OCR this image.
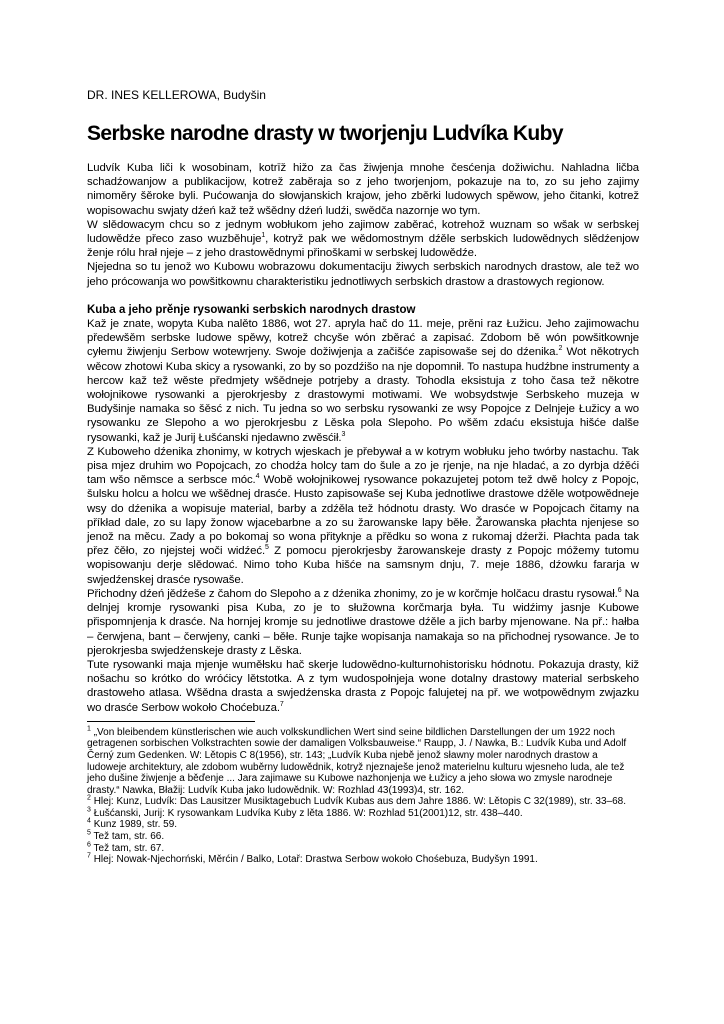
DR. INES KELLEROWA, Budyšin

Serbske narodne drasty w tworjenju Ludvíka Kuby

Ludvík Kuba liči k wosobinam, kotrīž hižo za čas žiwjenja mnohe česćenja dožiwichu. Nahladna ličba schadźowanjow a publikacijow, kotrež zaběraja so z jeho tworjenjom, pokazuje na to, zo su jeho zajimy nimoměry šěroke byli. Pućowanja do słowjanskich krajow, jeho zběrki ludowych spěwow, jeho čitanki, kotrež wopisowachu swjaty dźeń kaž tež wšědny dźeń ludźi, swědča nazornje wo tym.

W slědowacym chcu so z jednym wobłukom jeho zajimow zaběrać, kotrehož wuznam so wšak w serbskej ludowědźe přeco zaso wuzběhuje$^1$, kotryž pak we wědomostnym dźěle serbskich ludowědnych slědźenjow ženje rólu hrał njeje – z jeho drastowědnymi přinoškami w serbskej ludowědźe.

Njejedna so tu jenož wo Kubowu wobrazowu dokumentaciju žiwych serbskich narodnych drastow, ale tež wo jeho prócowanja wo powšitkownu charakteristiku jednotliwych serbskich drastow a drastowych regionow.

Kuba a jeho prěnje rysowanki serbskich narodnych drastow

Kaž je znate, wopyta Kuba nalěto 1886, wot 27. apryla hač do 11. meje, prěni raz Łužicu. Jeho zajimowachu předewšěm serbske ludowe spěwy, kotrež chcyše wón zběrać a zapisać. Zdobom bě wón powšitkownje cyłemu žiwjenju Serbow wotewrjeny. Swoje dožiwjenja a začišće zapisowaše sej do dźenika.$^2$ Wot někotrych wěcow zhotowi Kuba skicy a rysowanki, zo by so pozdźišo na nje dopomnił. To nastupa hudźbne instrumenty a hercow kaž tež wěste předmjety wšědneje potrjeby a drasty. Tohodla eksistuja z toho časa tež někotre wołojnikowe rysowanki a pjerokrjesby z drastowymi motiwami. We wobsydstwje Serbskeho muzeja w Budyšinje namaka so šěsć z nich. Tu jedna so wo serbsku rysowanki ze wsy Popojce z Delnjeje Łužicy a wo rysowanku ze Slepoho a wo pjerokrjesbu z Lěska pola Slepoho. Po wšěm zdaću eksistuja hišće dalše rysowanki, kaž je Jurij Łušćanski njedawno zwěsćił.$^3$

Z Kuboweho dźenika zhonimy, w kotrych wjeskach je přebywał a w kotrym wobłuku jeho twórby nastachu. Tak pisa mjez druhim wo Popojcach, zo chodźa holcy tam do šule a zo je rjenje, na nje hladać, a zo dyrbja dźěći tam wšo němsce a serbsce móc.$^4$ Wobě wołojnikowej rysowance pokazujetej potom tež dwě holcy z Popojc, šulsku holcu a holcu we wšědnej drasće. Husto zapisowaše sej Kuba jednotliwe drastowe dźěle wotpowědneje wsy do dźenika a wopisuje material, barby a zdźěla tež hódnotu drasty. Wo drasće w Popojcach čitamy na příkład dale, zo su lapy žonow wjacebarbne a zo su žarowanske lapy běłe. Žarowanska płachta njenjese so jenož na měcu. Zady a po bokomaj so wona přityknje a přědku so wona z rukomaj dźerži. Płachta pada tak přez čěło, zo njejstej woči widźeć.$^5$ Z pomocu pjerokrjesby žarowanskeje drasty z Popojc móžemy tutomu wopisowanju derje slědować. Nimo toho Kuba hišće na samsnym dnju, 7. meje 1886, dźowku fararja w swjedźenskej drasće rysowaše.

Přichodny dźeń jědźeše z čahom do Slepoho a z dźenika zhonimy, zo je w korčmje holčacu drastu rysował.$^6$ Na delnjej kromje rysowanki pisa Kuba, zo je to słužowna korčmarja była. Tu widźimy jasnje Kubowe přispomnjenja k drasće. Na hornjej kromje su jednotliwe drastowe dźěle a jich barby mjenowane. Na př.: hałba – čerwjena, bant – čerwjeny, canki – běłe. Runje tajke wopisanja namakaja so na přichodnej rysowance. Je to pjerokrjesba swjedźenskeje drasty z Lěska.

Tute rysowanki maja mjenje wuměłsku hač skerje ludowědno-kulturnohistorisku hódnotu. Pokazuja drasty, kiž nošachu so krótko do wróćicy lětstotka. A z tym wudospołnjeja wone dotalny drastowy material serbskeho drastoweho atlasa. Wšědna drasta a swjedźenska drasta z Popojc falujetej na př. we wotpowědnym zwjazku wo drasće Serbow wokoło Choćebuza.$^7$

$^1$ „Von bleibendem künstlerischen wie auch volkskundlichen Wert sind seine bildlichen Darstellungen der um 1922 noch getragenen sorbischen Volkstrachten sowie der damaligen Volksbauweise.“ Raupp, J. / Nawka, B.: Ludvík Kuba und Adolf Černý zum Gedenken. W: Lětopis C 8(1956), str. 143; „Ludvík Kuba njebě jenož sławny moler narodnych drastow a ludoweje architektury, ale zdobom wuběrny ludowědnik, kotryž njeznaješe jenož materielnu kulturu wjesneho luda, ale tež jeho dušine žiwjenje a běďenje ... Jara zajimawe su Kubowe nazhonjenja we Łužicy a jeho słowa wo zmysle narodneje drasty.“ Nawka, Błažij: Ludvík Kuba jako ludowědnik. W: Rozhlad 43(1993)4, str. 162.

$^2$ Hlej: Kunz, Ludvík: Das Lausitzer Musiktagebuch Ludvík Kubas aus dem Jahre 1886. W: Lětopis C 32(1989), str. 33–68.

$^3$ Łušćanski, Jurij: K rysowankam Ludvíka Kuby z lěta 1886. W: Rozhlad 51(2001)12, str. 438–440.

$^4$ Kunz 1989, str. 59.

$^5$ Tež tam, str. 66.

$^6$ Tež tam, str. 67.

$^7$ Hlej: Nowak-Njechorński, Měrćin / Balko, Lotař: Drastwa Serbow wokoło Chośebuza, Budyšyn 1991.
